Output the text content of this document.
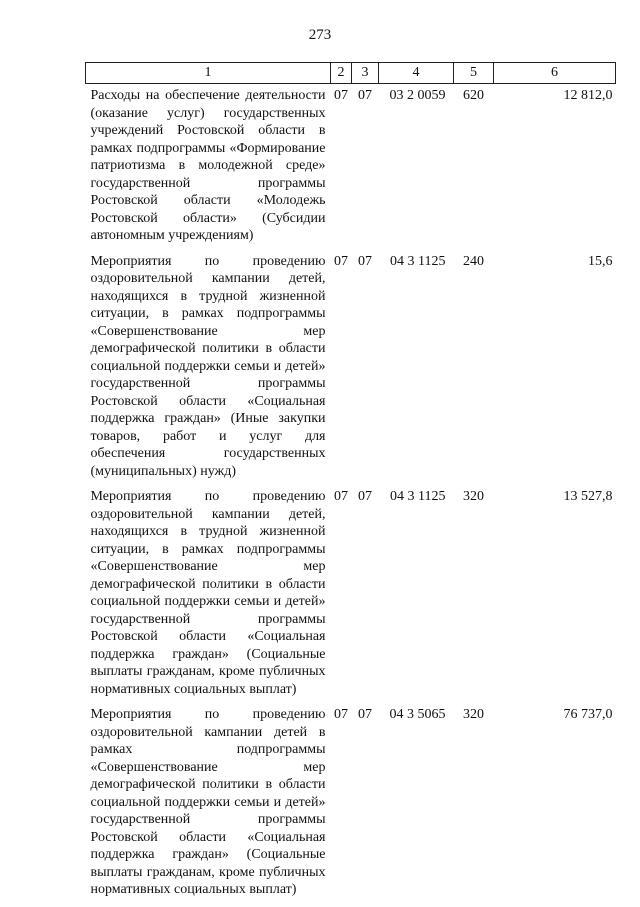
273
1	2	3	4	5	6
Расходы на обеспечение деятельности (оказание услуг) государственных учреждений Ростовской области в рамках подпрограммы «Формирование патриотизма в молодежной среде» государственной программы Ростовской области «Молодежь Ростовской области» (Субсидии автономным учреждениям)	07	07	03 2 0059	620	12 812,0
Мероприятия по проведению оздоровительной кампании детей, находящихся в трудной жизненной ситуации, в рамках подпрограммы «Совершенствование мер демографической политики в области социальной поддержки семьи и детей» государственной программы Ростовской области «Социальная поддержка граждан» (Иные закупки товаров, работ и услуг для обеспечения государственных (муниципальных) нужд)	07	07	04 3 1125	240	15,6
Мероприятия по проведению оздоровительной кампании детей, находящихся в трудной жизненной ситуации, в рамках подпрограммы «Совершенствование мер демографической политики в области социальной поддержки семьи и детей» государственной программы Ростовской области «Социальная поддержка граждан» (Социальные выплаты гражданам, кроме публичных нормативных социальных выплат)	07	07	04 3 1125	320	13 527,8
Мероприятия по проведению оздоровительной кампании детей в рамках подпрограммы «Совершенствование мер демографической политики в области социальной поддержки семьи и детей» государственной программы Ростовской области «Социальная поддержка граждан» (Социальные выплаты гражданам, кроме публичных нормативных социальных выплат)	07	07	04 3 5065	320	76 737,0
